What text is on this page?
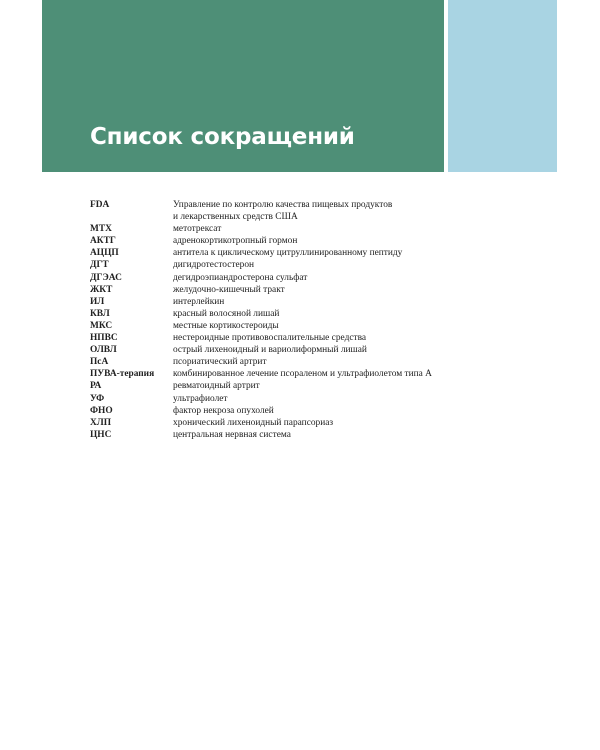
Список сокращений
FDA	Управление по контролю качества пищевых продуктов
и лекарственных средств США
МТХ	метотрексат
АКТГ	адренокортикотропный гормон
АЦЦП	антитела к циклическому цитруллинированному пептиду
ДГТ	дигидротестостерон
ДГЭАС	дегидроэпиандростерона сульфат
ЖКТ	желудочно-кишечный тракт
ИЛ	интерлейкин
КВЛ	красный волосяной лишай
МКС	местные кортикостероиды
НПВС	нестероидные противовоспалительные средства
ОЛВЛ	острый лихеноидный и вариолиформный лишай
ПсА	псориатический артрит
ПУВА-терапия	комбинированное лечение псораленом и ультрафиолетом типа А
РА	ревматоидный артрит
УФ	ультрафиолет
ФНО	фактор некроза опухолей
ХЛП	хронический лихеноидный парапсориаз
ЦНС	центральная нервная система
